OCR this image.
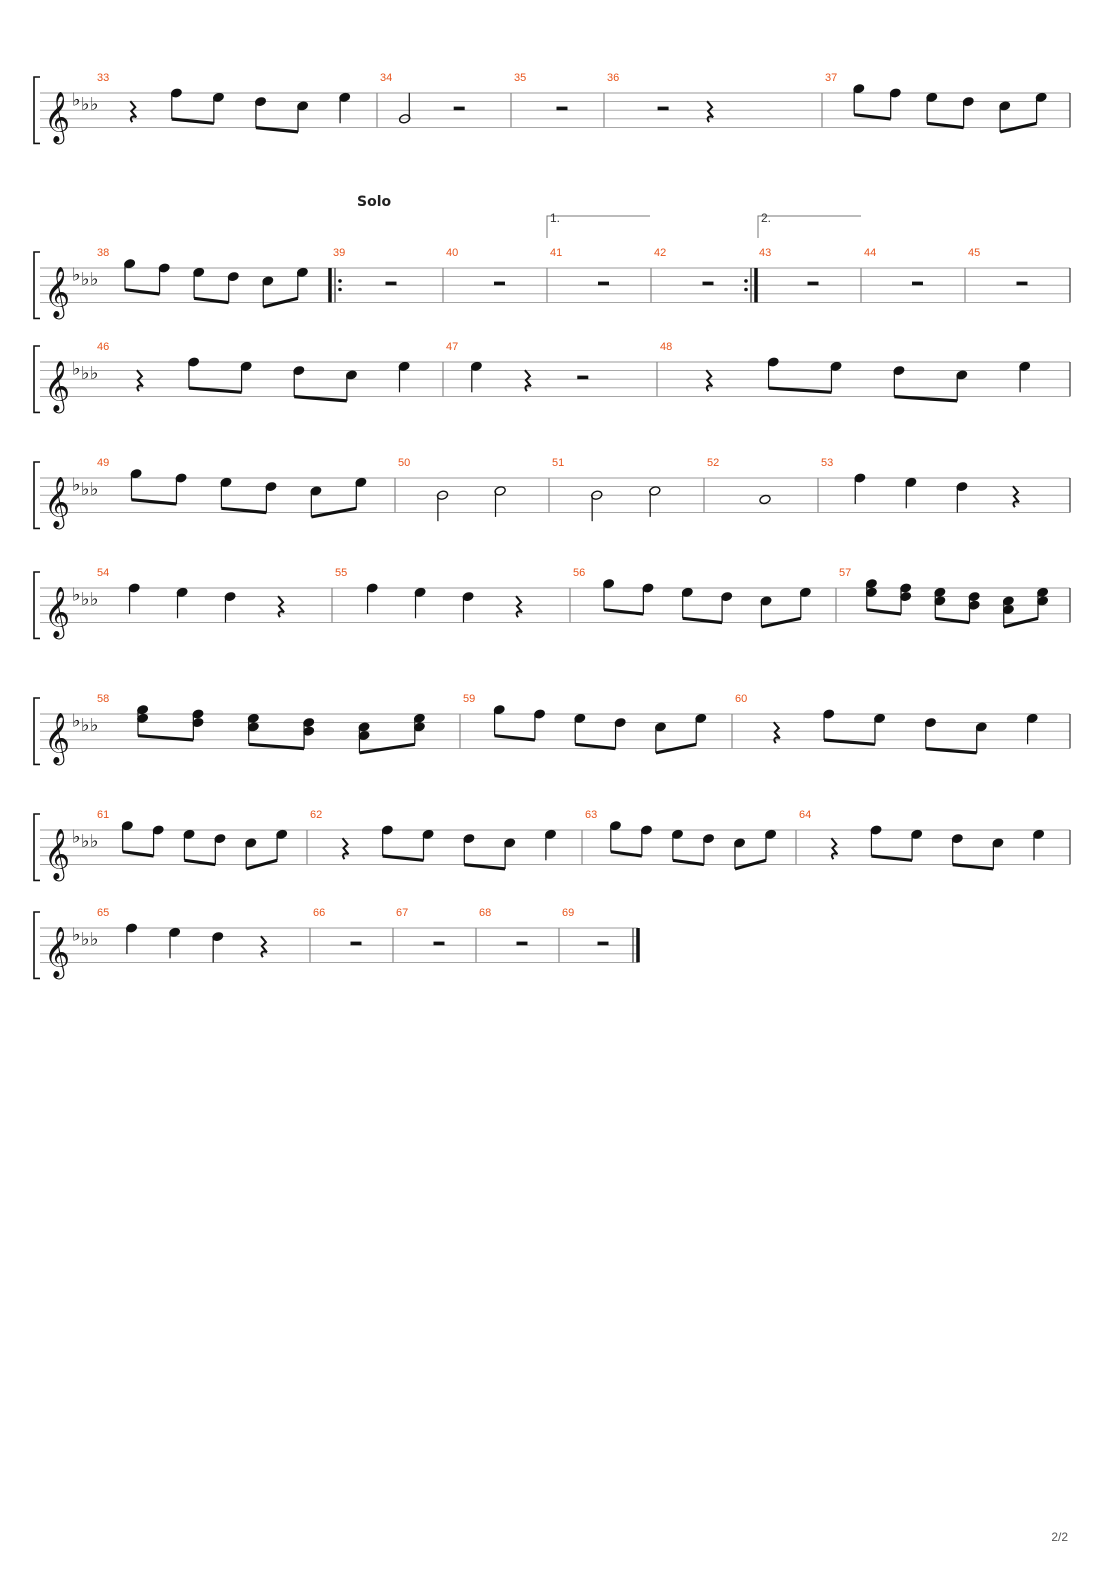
𝄞 ♭ ♭ ♭
33	34	35	36	37
𝄞 ♭ ♭ ♭
38	39	40	41	42	43	44	45
𝄞 ♭ ♭ ♭
46	47	48
𝄞 ♭ ♭ ♭
49	50	51	52	53
𝄞 ♭ ♭ ♭
54	55	56	57
𝄞 ♭ ♭ ♭
58	59	60
𝄞 ♭ ♭ ♭
61	62	63	64
𝄞 ♭ ♭ ♭
65	66	67	68	69
Solo
1.	2.
2/2
